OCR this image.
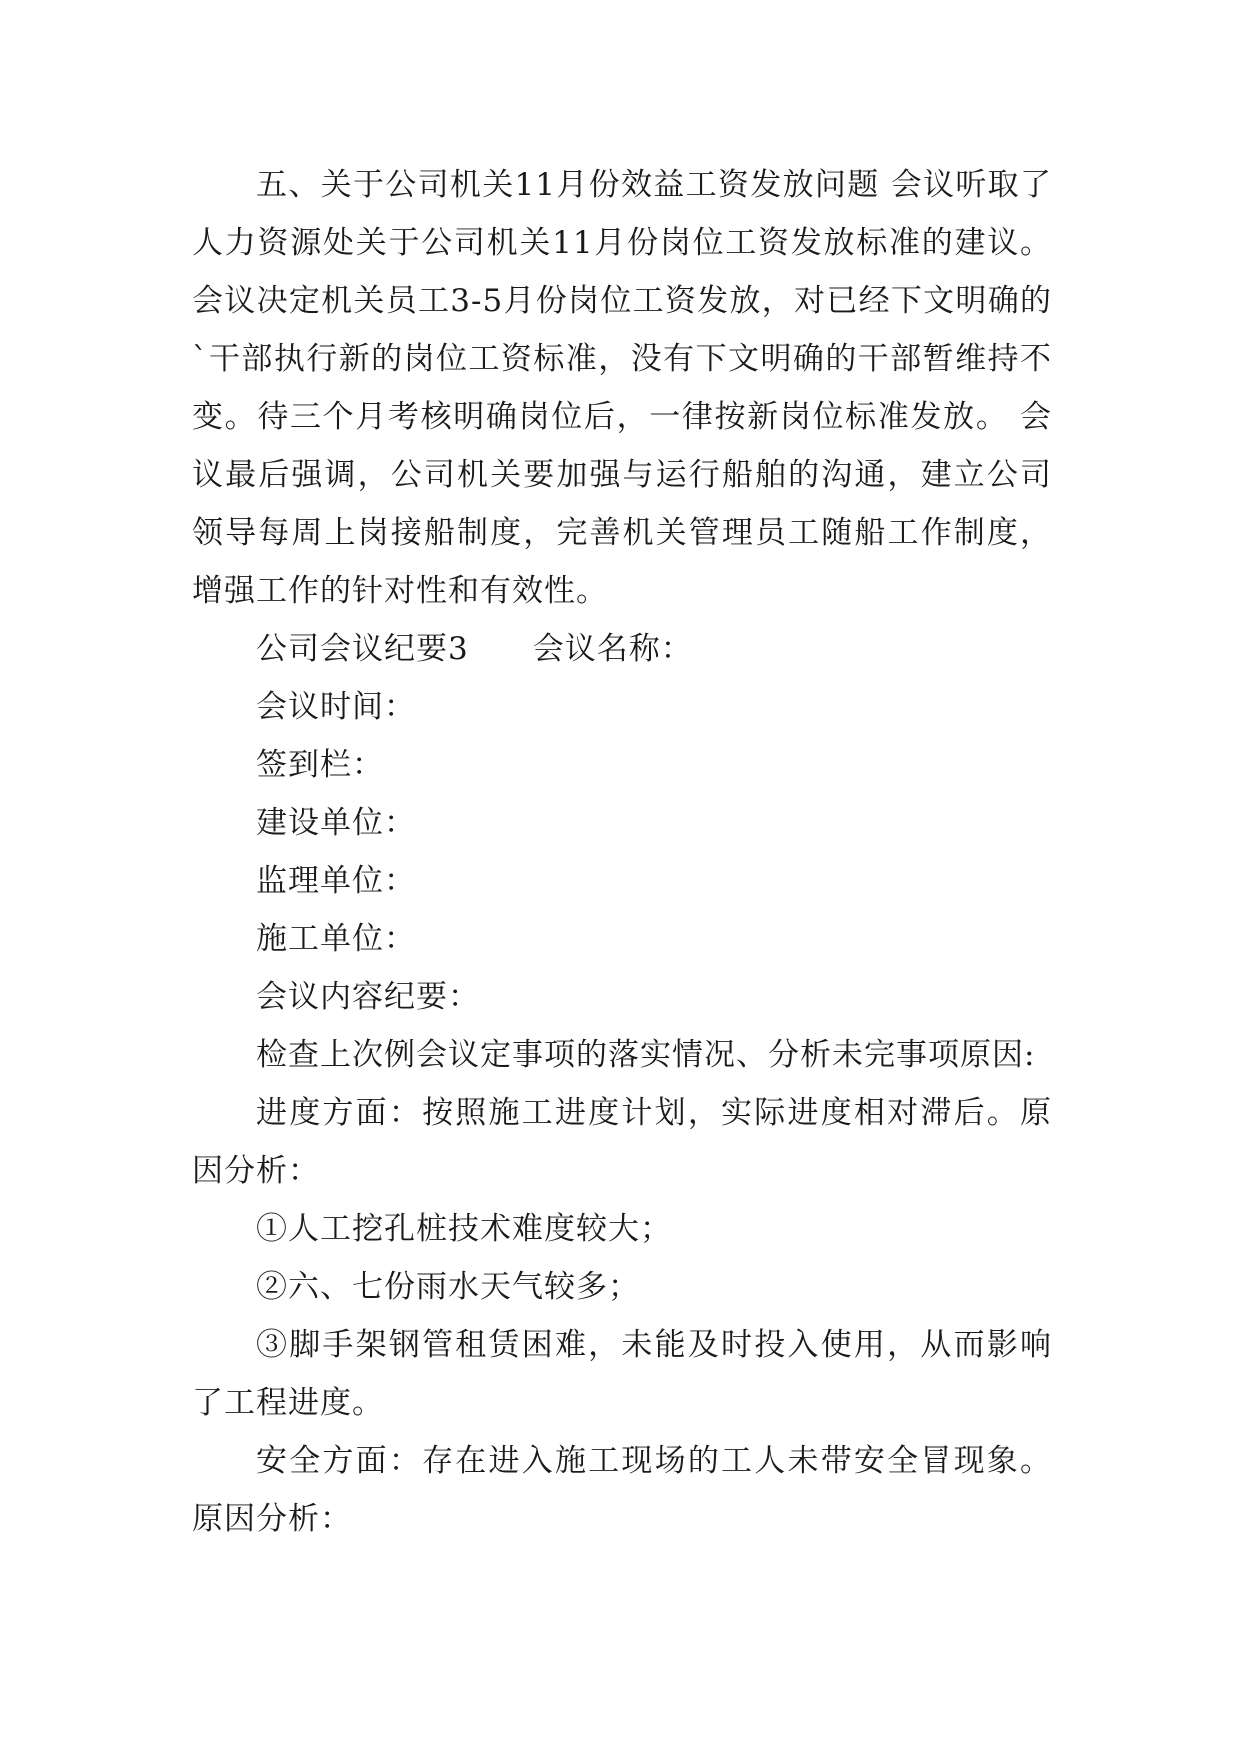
五、关于公司机关11月份效益工资发放问题 会议听取了人力资源处关于公司机关11月份岗位工资发放标准的建议。会议决定机关员工3-5月份岗位工资发放，对已经下文明确的`干部执行新的岗位工资标准，没有下文明确的干部暂维持不变。待三个月考核明确岗位后，一律按新岗位标准发放。 会议最后强调，公司机关要加强与运行船舶的沟通，建立公司领导每周上岗接船制度，完善机关管理员工随船工作制度，增强工作的针对性和有效性。

公司会议纪要3　　会议名称：

会议时间：

签到栏：

建设单位：

监理单位：

施工单位：

会议内容纪要：

检查上次例会议定事项的落实情况、分析未完事项原因:

进度方面：按照施工进度计划，实际进度相对滞后。原因分析：

①人工挖孔桩技术难度较大；

②六、七份雨水天气较多；

③脚手架钢管租赁困难，未能及时投入使用，从而影响了工程进度。

安全方面：存在进入施工现场的工人未带安全冒现象。原因分析：
